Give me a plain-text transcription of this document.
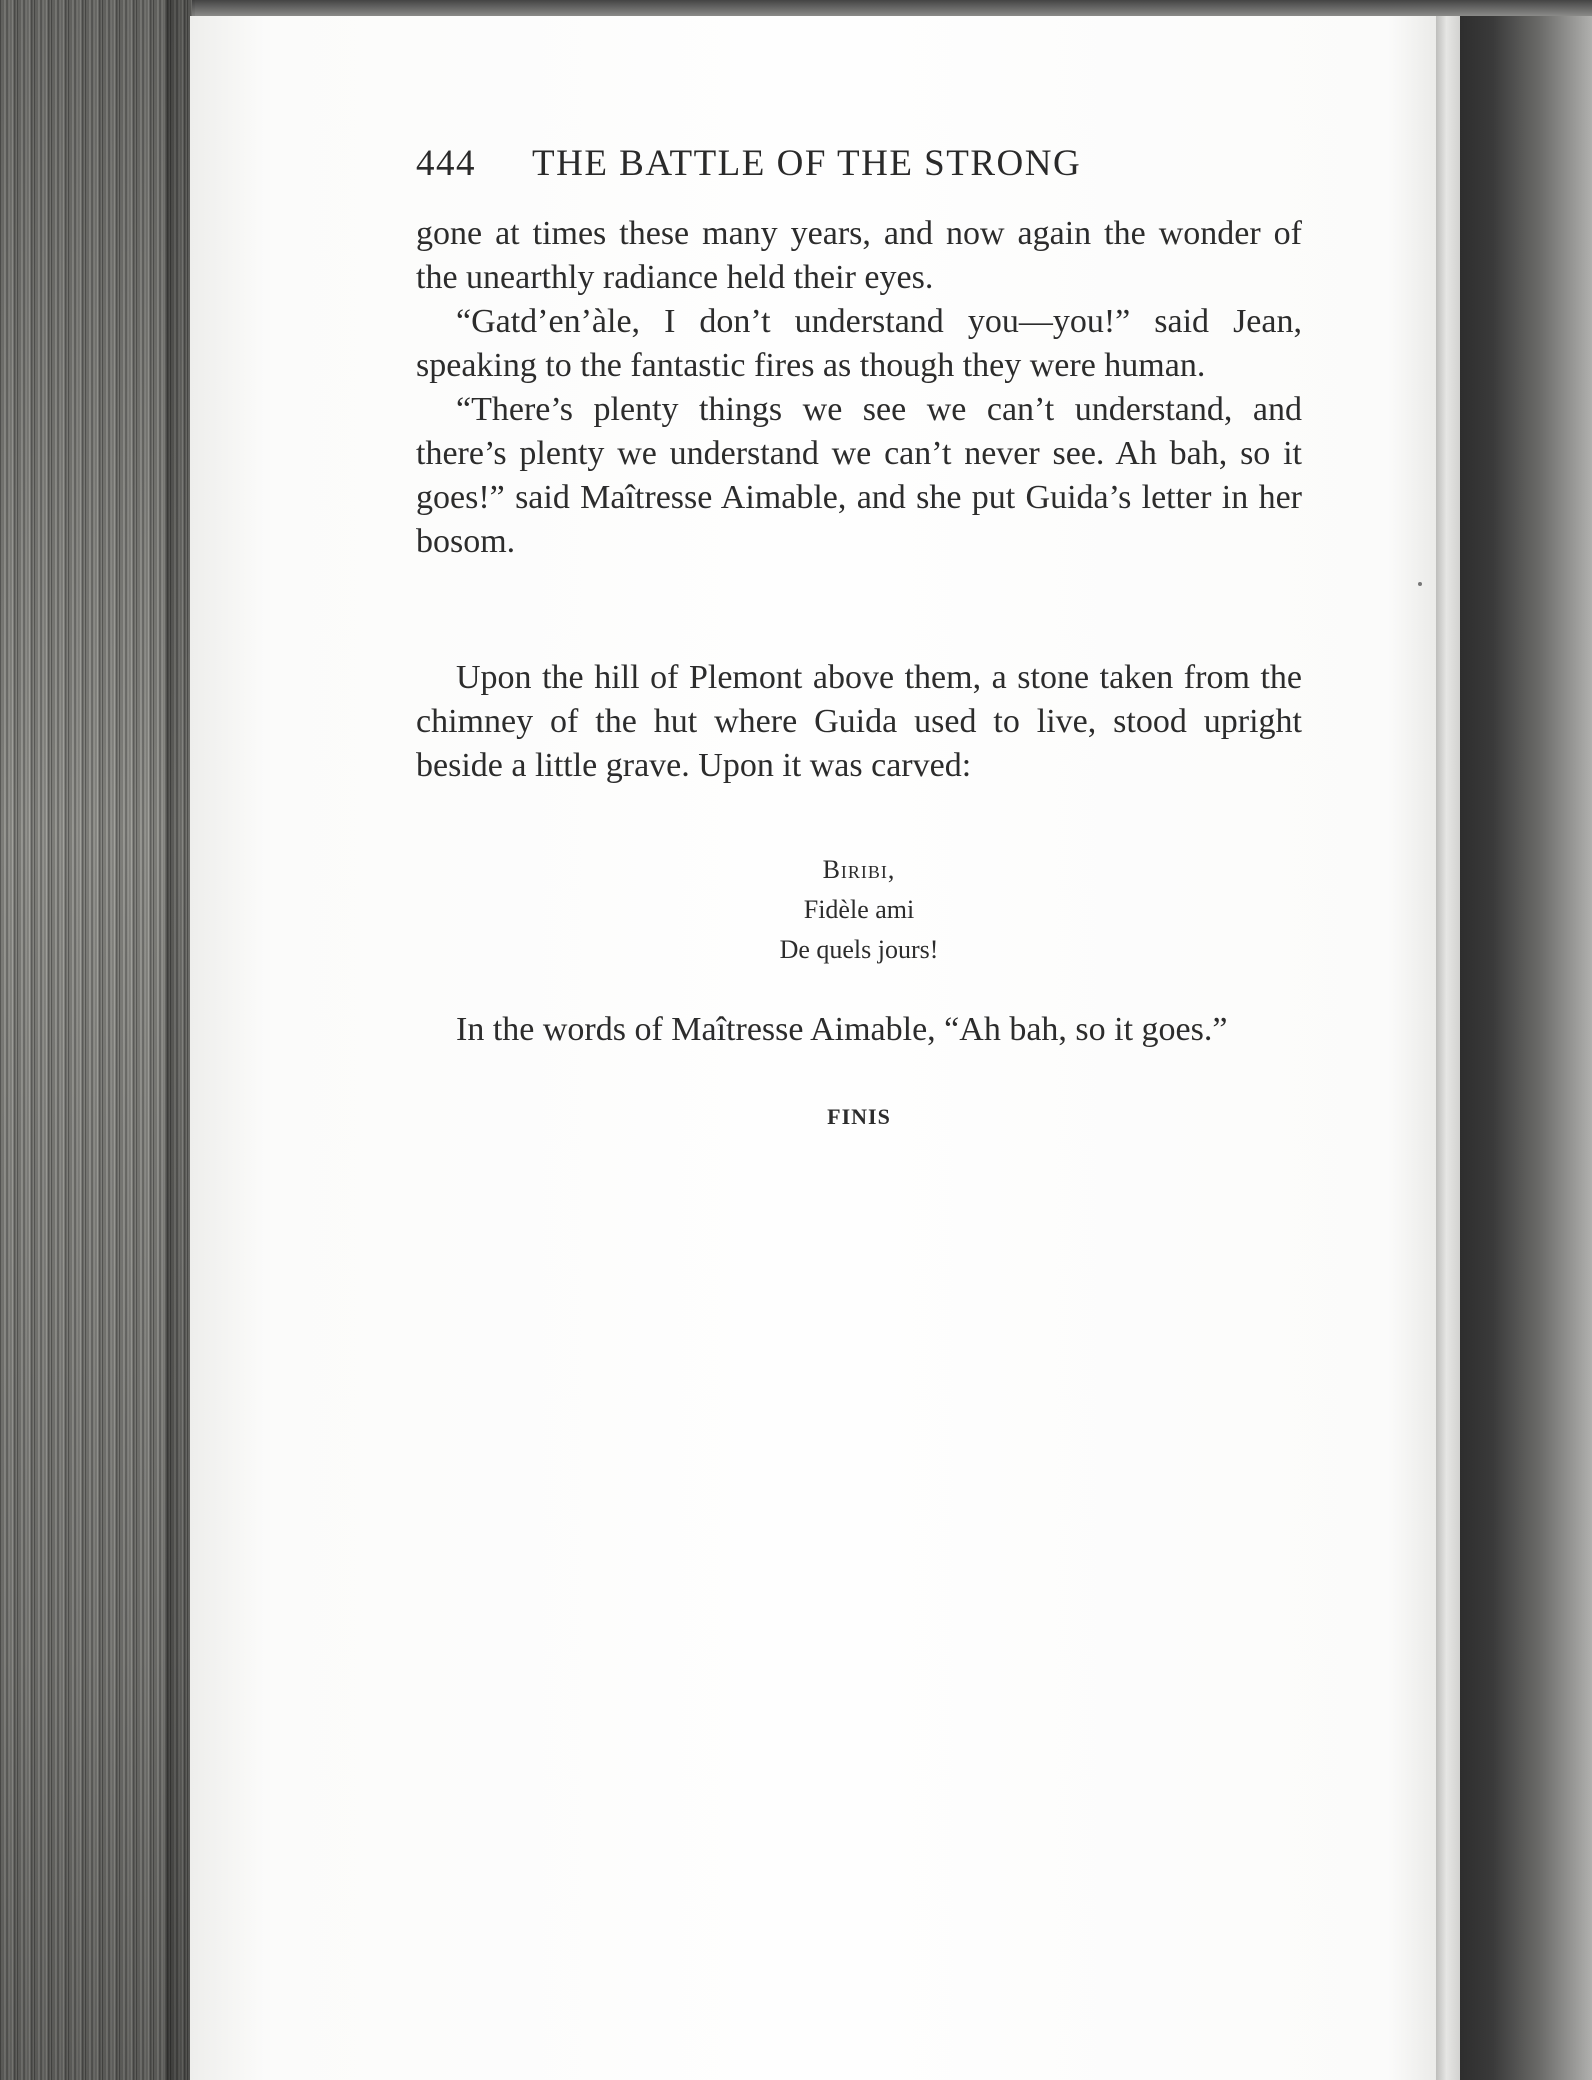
444 THE BATTLE OF THE STRONG

gone at times these many years, and now again the wonder of the unearthly radiance held their eyes.

“Gatd’en’àle, I don’t understand you—you!” said Jean, speaking to the fantastic fires as though they were human.

“There’s plenty things we see we can’t understand, and there’s plenty we understand we can’t never see. Ah bah, so it goes!” said Maîtresse Aimable, and she put Guida’s letter in her bosom.

Upon the hill of Plemont above them, a stone taken from the chimney of the hut where Guida used to live, stood upright beside a little grave. Upon it was carved:

Biribi,
Fidèle ami
De quels jours!

In the words of Maîtresse Aimable, “Ah bah, so it goes.”

FINIS
